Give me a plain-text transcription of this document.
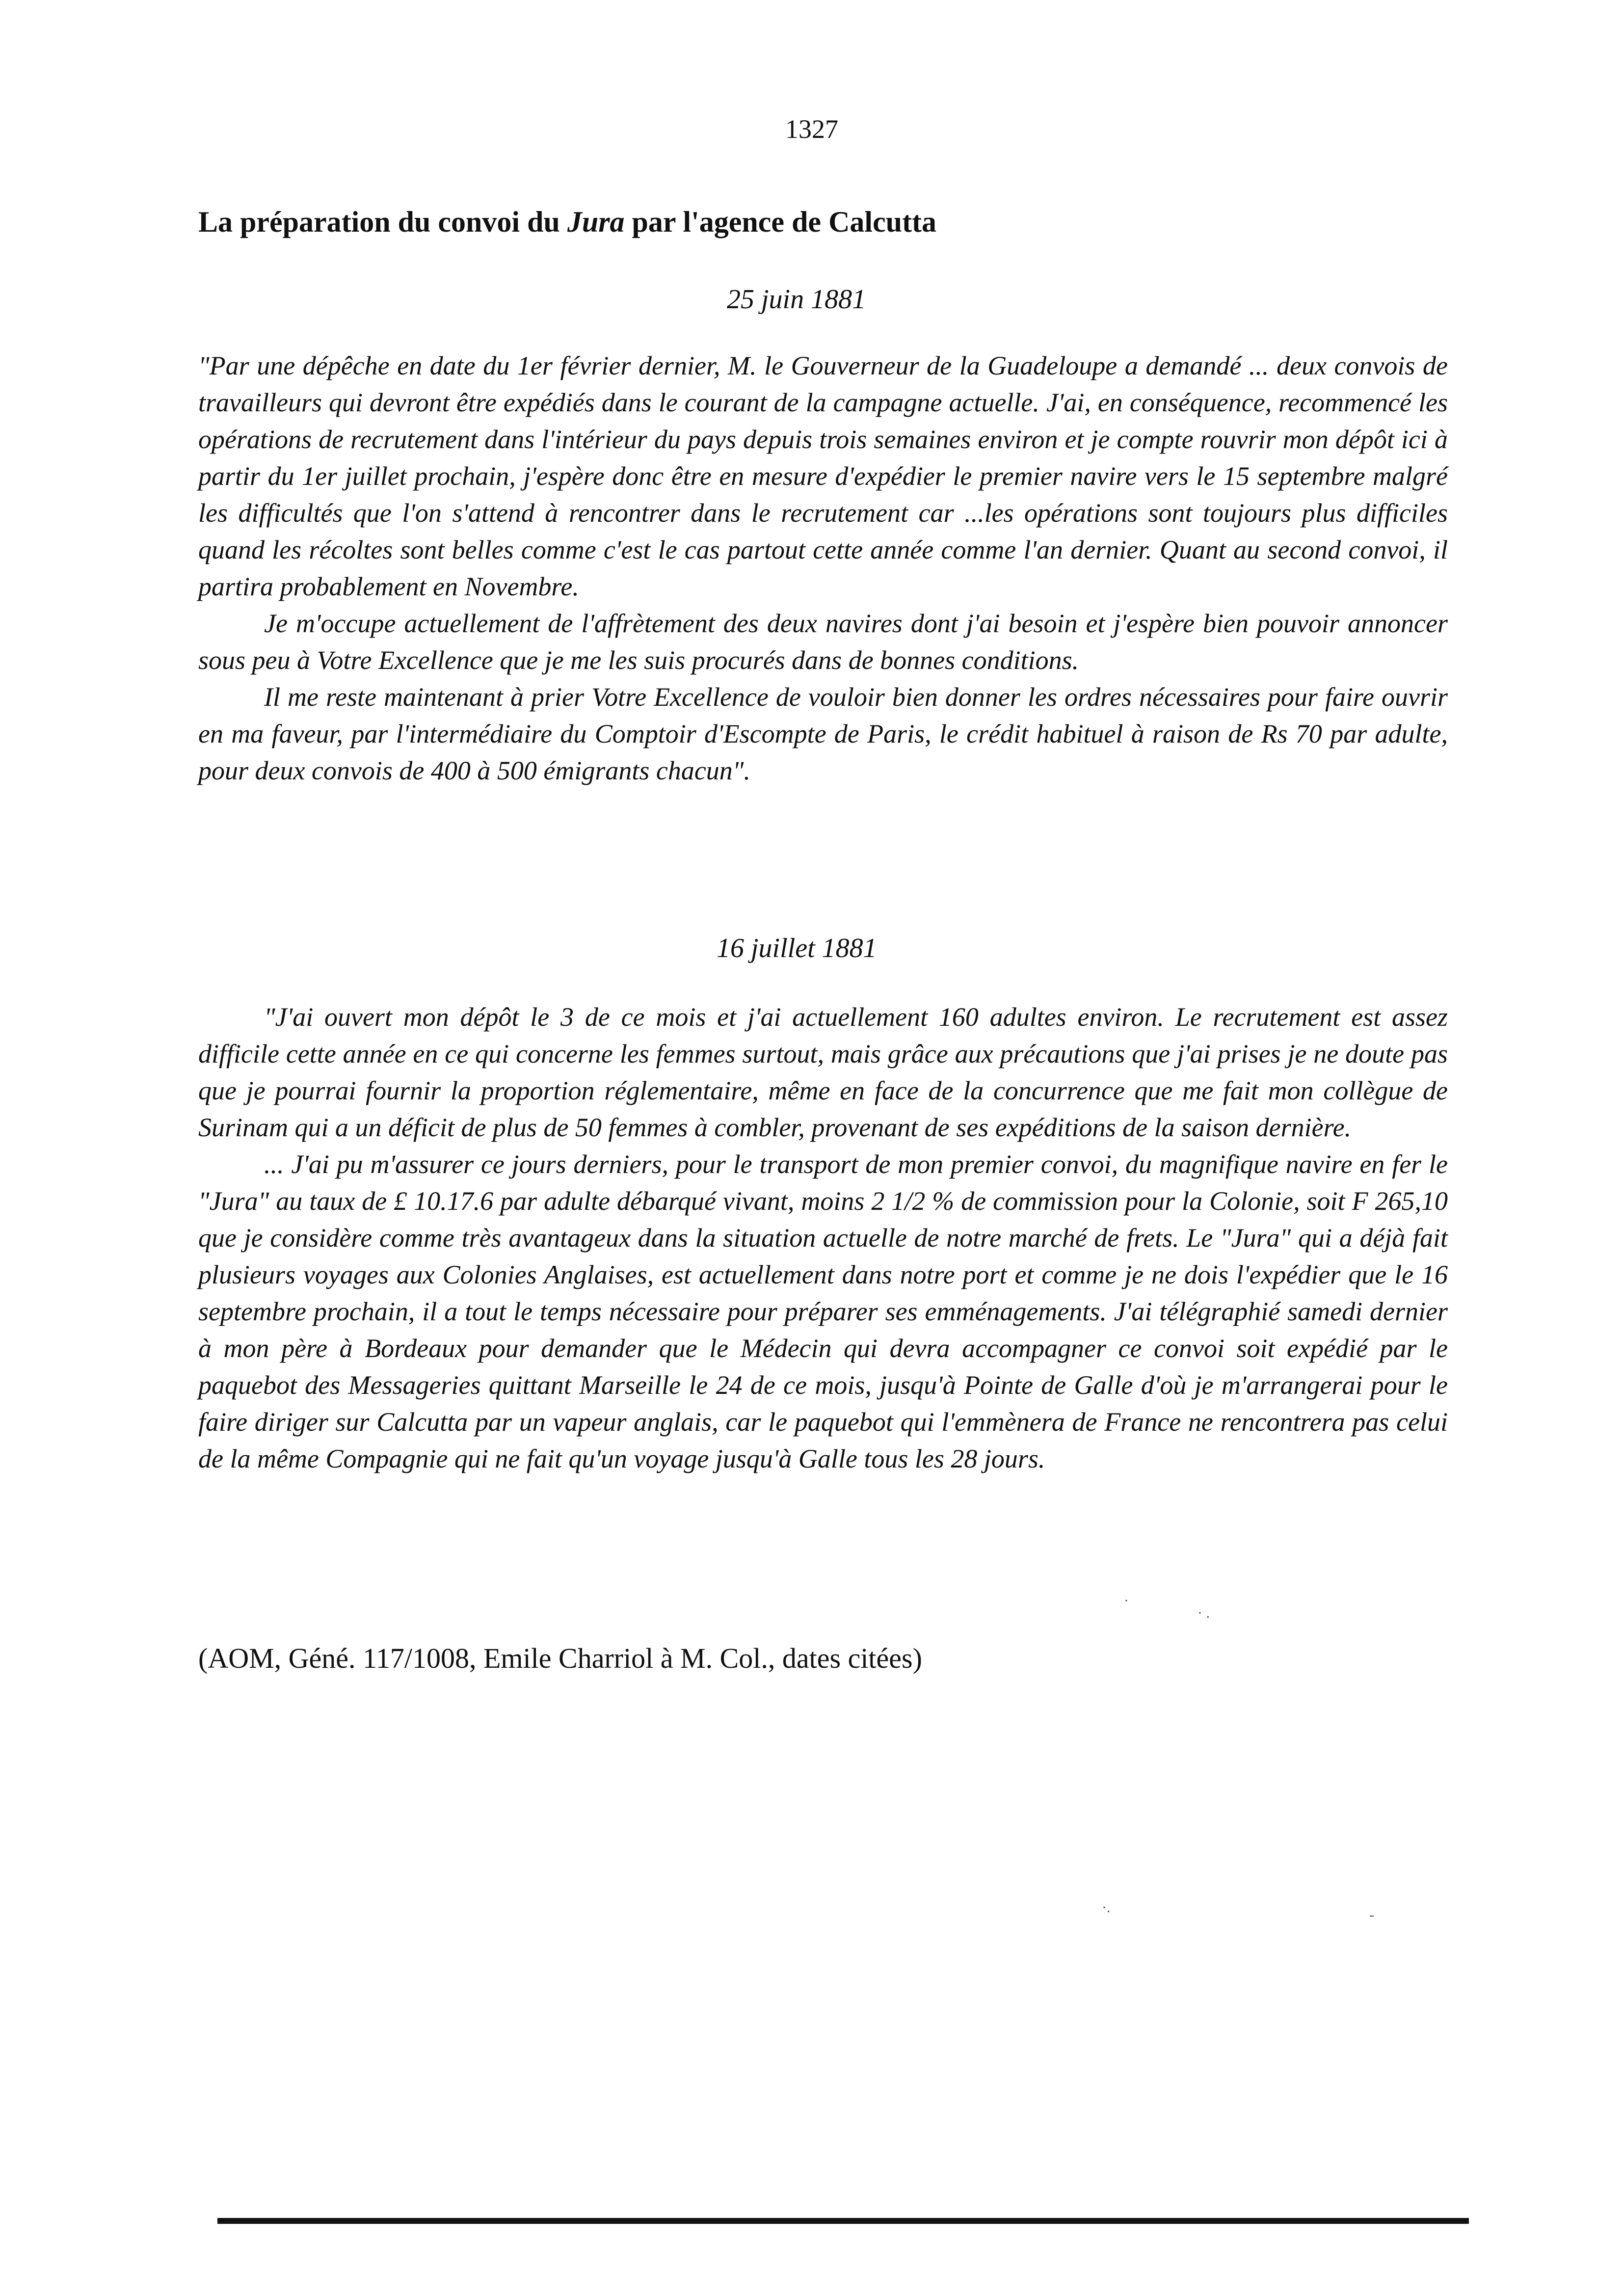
1327
La préparation du convoi du Jura par l'agence de Calcutta
25 juin 1881

"Par une dépêche en date du 1er février dernier, M. le Gouverneur de la Guadeloupe a demandé ... deux convois de travailleurs qui devront être expédiés dans le courant de la campagne actuelle. J'ai, en conséquence, recommencé les opérations de recrutement dans l'intérieur du pays depuis trois semaines environ et je compte rouvrir mon dépôt ici à partir du 1er juillet prochain, j'espère donc être en mesure d'expédier le premier navire vers le 15 septembre malgré les difficultés que l'on s'attend à rencontrer dans le recrutement car ...les opérations sont toujours plus difficiles quand les récoltes sont belles comme c'est le cas partout cette année comme l'an dernier. Quant au second convoi, il partira probablement en Novembre.

Je m'occupe actuellement de l'affrètement des deux navires dont j'ai besoin et j'espère bien pouvoir annoncer sous peu à Votre Excellence que je me les suis procurés dans de bonnes conditions.

Il me reste maintenant à prier Votre Excellence de vouloir bien donner les ordres nécessaires pour faire ouvrir en ma faveur, par l'intermédiaire du Comptoir d'Escompte de Paris, le crédit habituel à raison de Rs 70 par adulte, pour deux convois de 400 à 500 émigrants chacun".

16 juillet 1881

"J'ai ouvert mon dépôt le 3 de ce mois et j'ai actuellement 160 adultes environ. Le recrutement est assez difficile cette année en ce qui concerne les femmes surtout, mais grâce aux précautions que j'ai prises je ne doute pas que je pourrai fournir la proportion réglementaire, même en face de la concurrence que me fait mon collègue de Surinam qui a un déficit de plus de 50 femmes à combler, provenant de ses expéditions de la saison dernière.

... J'ai pu m'assurer ce jours derniers, pour le transport de mon premier convoi, du magnifique navire en fer le "Jura" au taux de £ 10.17.6 par adulte débarqué vivant, moins 2 1/2 % de commission pour la Colonie, soit F 265,10 que je considère comme très avantageux dans la situation actuelle de notre marché de frets. Le "Jura" qui a déjà fait plusieurs voyages aux Colonies Anglaises, est actuellement dans notre port et comme je ne dois l'expédier que le 16 septembre prochain, il a tout le temps nécessaire pour préparer ses emménagements. J'ai télégraphié samedi dernier à mon père à Bordeaux pour demander que le Médecin qui devra accompagner ce convoi soit expédié par le paquebot des Messageries quittant Marseille le 24 de ce mois, jusqu'à Pointe de Galle d'où je m'arrangerai pour le faire diriger sur Calcutta par un vapeur anglais, car le paquebot qui l'emmènera de France ne rencontrera pas celui de la même Compagnie qui ne fait qu'un voyage jusqu'à Galle tous les 28 jours.

(AOM, Géné. 117/1008, Emile Charriol à M. Col., dates citées)
·
· .
·.	-
